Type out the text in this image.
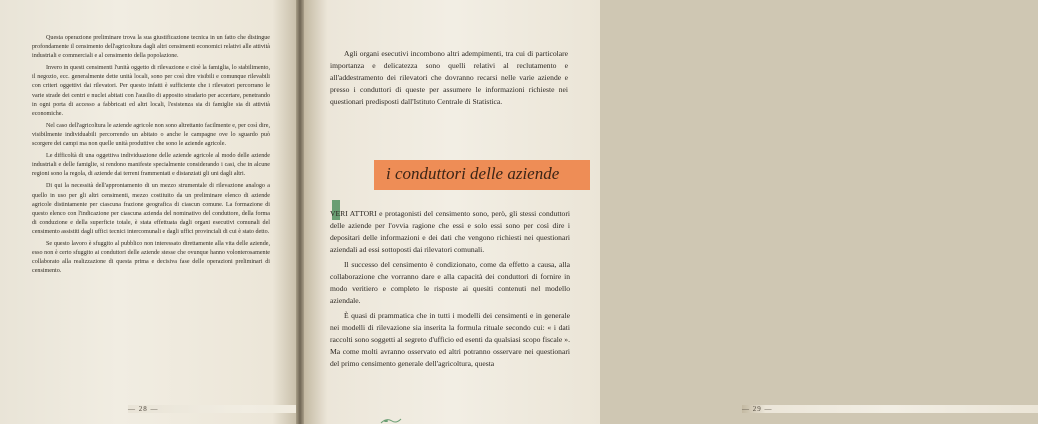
Questa operazione preliminare trova la sua giustificazione tecnica in un fatto che distingue profondamente il censimento dell'agricoltura dagli altri censimenti economici relativi alle attività industriali e commerciali e al censimento della popolazione.

Invero in questi censimenti l'unità oggetto di rilevazione e cioè la famiglia, lo stabilimento, il negozio, ecc. generalmente dette unità locali, sono per così dire visibili e comunque rilevabili con criteri oggettivi dai rilevatori. Per questo infatti è sufficiente che i rilevatori percorrano le varie strade dei centri e nuclei abitati con l'ausilio di apposito stradario per accertare, penetrando in ogni porta di accesso a fabbricati ed altri locali, l'esistenza sia di famiglie sia di attività economiche.

Nel caso dell'agricoltura le aziende agricole non sono altrettanto facilmente e, per così dire, visibilmente individuabili percorrendo un abitato o anche le campagne ove lo sguardo può scorgere dei campi ma non quelle unità produttive che sono le aziende agricole.

Le difficoltà di una oggettiva individuazione delle aziende agricole al modo delle aziende industriali e delle famiglie, si rendono manifeste specialmente considerando i casi, che in alcune regioni sono la regola, di aziende dai terreni frammentati e distanziati gli uni dagli altri.

Di qui la necessità dell'approntamento di un mezzo strumentale di rilevazione analogo a quello in uso per gli altri censimenti, mezzo costituito da un preliminare elenco di aziende agricole distintamente per ciascuna frazione geografica di ciascun comune. La formazione di questo elenco con l'indicazione per ciascuna azienda del nominativo del conduttore, della forma di conduzione e della superficie totale, è stata effettuata dagli organi esecutivi comunali del censimento assistiti dagli uffici tecnici intercomunali e dagli uffici provinciali di cui è stato detto.

Se questo lavoro è sfuggito al pubblico non interessato direttamente alla vita delle aziende, esso non è certo sfuggito ai conduttori delle aziende stesse che ovunque hanno volonterosamente collaborato alla realizzazione di questa prima e decisiva fase delle operazioni preliminari di censimento.

— 28 —	— 29 —

Agli organi esecutivi incombono altri adempimenti, tra cui di particolare importanza e delicatezza sono quelli relativi al reclutamento e all'addestramento dei rilevatori che dovranno recarsi nelle varie aziende e presso i conduttori di queste per assumere le informazioni richieste nei questionari predisposti dall'Istituto Centrale di Statistica.

i conduttori delle aziende

VERI ATTORI e protagonisti del censimento sono, però, gli stessi conduttori delle aziende per l'ovvia ragione che essi e solo essi sono per così dire i depositari delle informazioni e dei dati che vengono richiesti nei questionari aziendali ad essi sottoposti dai rilevatori comunali.

Il successo del censimento è condizionato, come da effetto a causa, alla collaborazione che vorranno dare e alla capacità dei conduttori di fornire in modo veritiero e completo le risposte ai quesiti contenuti nel modello aziendale.

È quasi di prammatica che in tutti i modelli dei censimenti e in generale nei modelli di rilevazione sia inserita la formula rituale secondo cui: « i dati raccolti sono soggetti al segreto d'ufficio ed esenti da qualsiasi scopo fiscale ». Ma come molti avranno osservato ed altri potranno osservare nei questionari del primo censimento generale dell'agricoltura, questa
